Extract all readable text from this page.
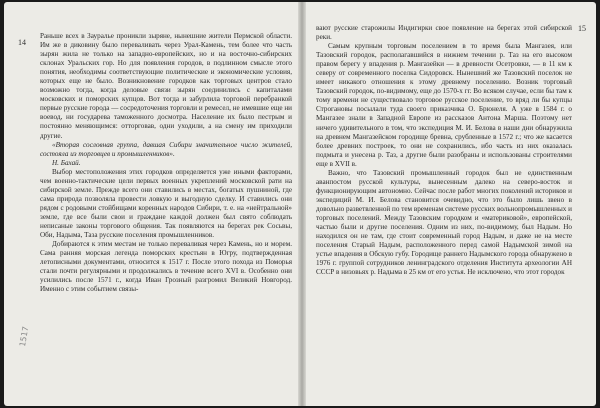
14

Раньше всех в Зауралье проникли зыряне, нынешние жители Пермской области. Им же в диковину было переваливать через Урал-Камень, тем более что часть зырян жила не только на западно-европейских, но и на восточно-сибирских склонах Уральских гор. Но для появления городов, в подлинном смысле этого понятия, необходимы соответствующие политические и экономические условия, которых еще не было. Возникновение городков как торговых центров стало возможно тогда, когда деловые связи зырян соединились с капиталами московских и поморских купцов. Вот тогда и забурлила торговой перебранкой первые русские города — сосредоточения торговли и ремесел, не имевшие еще ни воевод, ни государева таможенного досмотра. Население их было пестрым и постоянно меняющимся: отторговав, одни уходили, а на смену им приходили другие.

«Вторая сословная группа, давшая Сибири значительное число жителей, состояла из торговцев и промышленников».

Н. Бахай.

Выбор местоположения этих городков определяется уже иными факторами, чем военно-тактические цели первых военных укреплений московской рати на сибирской земле. Прежде всего они ставились в местах, богатых пушниной, где сама природа позволяла провести ловкую и выгодную сделку. И ставились они рядом с родовыми стойбищами коренных народов Сибири, т. е. на «нейтральной» земле, где все были свои и граждане каждой должен был свято соблюдать неписаные законы торгового общения. Так появляются на берегах рек Сосьвы, Оби, Надыма, Таза русские поселения промышленников.

Добираются к этим местам не только переваливая через Камень, но и морем. Сама ранняя морская легенда поморских крестьян в Югру, подтвержденная летописными документами, относится к 1517 г. После этого похода из Поморья стали почти регулярными и продолжались в течение всего XVI в. Особенно они усилились после 1571 г., когда Иван Грозный разгромил Великий Новгород. Именно с этим событием связы-

1517
15

вают русские старожилы Индигирки свое появление на берегах этой сибирской реки.

Самым крупным торговым поселением в то время была Мангазея, или Тазовский городок, располагавшийся в нижнем течении р. Таз на его высоком правом берегу у впадения р. Мангазейки — в древности Осетровки, — в 11 км к северу от современного поселка Сидоровск. Нынешний же Тазовский поселок не имеет никакого отношения к этому древнему поселению. Возник торговый Тазовский городок, по-видимому, еще до 1570-х гг. Во всяком случае, если бы там к тому времени не существовало торговое русское поселение, то вряд ли бы купцы Строгановы посылали туда своего приказчика О. Брюнеля. А уже в 1584 г. о Мангазее знали в Западной Европе из рассказов Антона Марша. Поэтому нет ничего удивительного в том, что экспедиция М. И. Белова в наши дни обнаружила на древнем Мангазейском городище бревна, срубленные в 1572 г.; что же касается более древних построек, то они не сохранились, ибо часть из них оказалась подмыта и унесена р. Таз, а другие были разобраны и использованы строителями еще в XVII в.

Важно, что Тазовский промышленный городок был не единственным аванпостом русской культуры, вынесенным далеко на северо-восток и функционирующим автономно. Сейчас после работ многих поколений историков и экспедиций М. И. Белова становится очевидно, что это было лишь звено в довольно разветвленной по тем временам системе русских вольнопромышленных и торговых поселений. Между Тазовским городком и «материковой», европейской, частью были и другие поселения. Одним из них, по-видимому, был Надым. Но находился он не там, где стоит современный город Надым, и даже не на месте поселения Старый Надым, расположенного перед самой Надымской зимой на устье впадения в Обскую губу. Городище раннего Надымского города обнаружено в 1976 г. группой сотрудников ленинградского отделения Института археологии АН СССР в низовьях р. Надыма в 25 км от его устья. Не исключено, что этот городок
